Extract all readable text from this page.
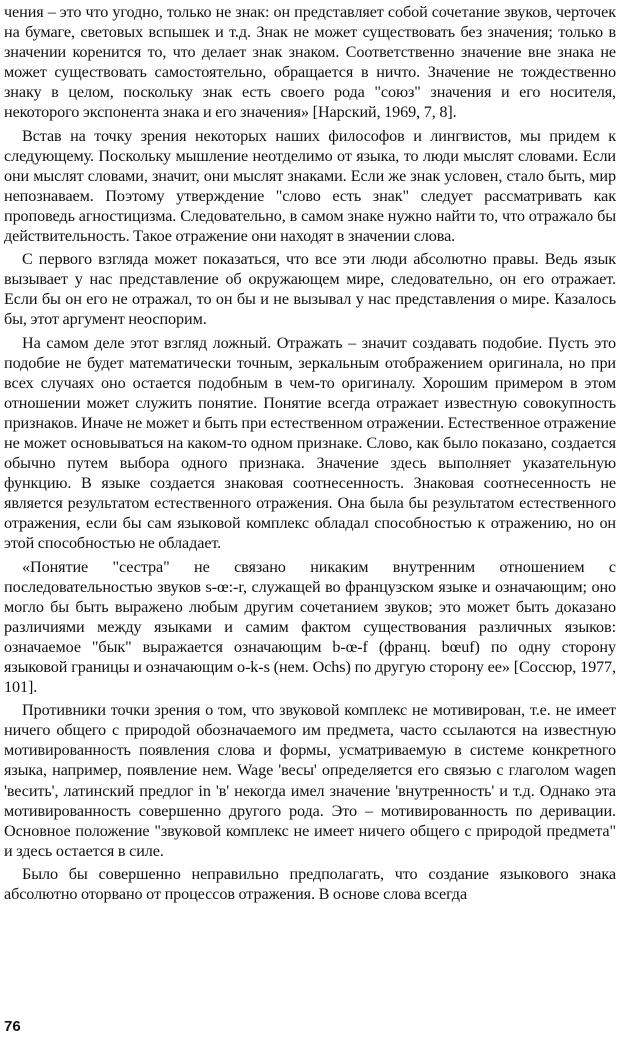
чения – это что угодно, только не знак: он представляет собой сочетание звуков, черточек на бумаге, световых вспышек и т.д. Знак не может существовать без значения; только в значении коренится то, что делает знак знаком. Соответственно значение вне знака не может существовать самостоятельно, обращается в ничто. Значение не тождественно знаку в целом, поскольку знак есть своего рода "союз" значения и его носителя, некоторого экспонента знака и его значения» [Нарский, 1969, 7, 8].

Встав на точку зрения некоторых наших философов и лингвистов, мы придем к следующему. Поскольку мышление неотделимо от языка, то люди мыслят словами. Если они мыслят словами, значит, они мыслят знаками. Если же знак условен, стало быть, мир непознаваем. Поэтому утверждение "слово есть знак" следует рассматривать как проповедь агностицизма. Следовательно, в самом знаке нужно найти то, что отражало бы действительность. Такое отражение они находят в значении слова.

С первого взгляда может показаться, что все эти люди абсолютно правы. Ведь язык вызывает у нас представление об окружающем мире, следовательно, он его отражает. Если бы он его не отражал, то он бы и не вызывал у нас представления о мире. Казалось бы, этот аргумент неоспорим.

На самом деле этот взгляд ложный. Отражать – значит создавать подобие. Пусть это подобие не будет математически точным, зеркальным отображением оригинала, но при всех случаях оно остается подобным в чем-то оригиналу. Хорошим примером в этом отношении может служить понятие. Понятие всегда отражает известную совокупность признаков. Иначе не может и быть при естественном отражении. Естественное отражение не может основываться на каком-то одном признаке. Слово, как было показано, создается обычно путем выбора одного признака. Значение здесь выполняет указательную функцию. В языке создается знаковая соотнесенность. Знаковая соотнесенность не является результатом естественного отражения. Она была бы результатом естественного отражения, если бы сам языковой комплекс обладал способностью к отражению, но он этой способностью не обладает.

«Понятие "сестра" не связано никаким внутренним отношением с последовательностью звуков s-œ:-r, служащей во французском языке и означающим; оно могло бы быть выражено любым другим сочетанием звуков; это может быть доказано различиями между языками и самим фактом существования различных языков: означаемое "бык" выражается означающим b-œ-f (франц. bœuf) по одну сторону языковой границы и означающим o-k-s (нем. Ochs) по другую сторону ее» [Соссюр, 1977, 101].

Противники точки зрения о том, что звуковой комплекс не мотивирован, т.е. не имеет ничего общего с природой обозначаемого им предмета, часто ссылаются на известную мотивированность появления слова и формы, усматриваемую в системе конкретного языка, например, появление нем. Wage 'весы' определяется его связью с глаголом wagen 'весить', латинский предлог in 'в' некогда имел значение 'внутренность' и т.д. Однако эта мотивированность совершенно другого рода. Это – мотивированность по деривации. Основное положение "звуковой комплекс не имеет ничего общего с природой предмета" и здесь остается в силе.

Было бы совершенно неправильно предполагать, что создание языкового знака абсолютно оторвано от процессов отражения. В основе слова всегда

76
